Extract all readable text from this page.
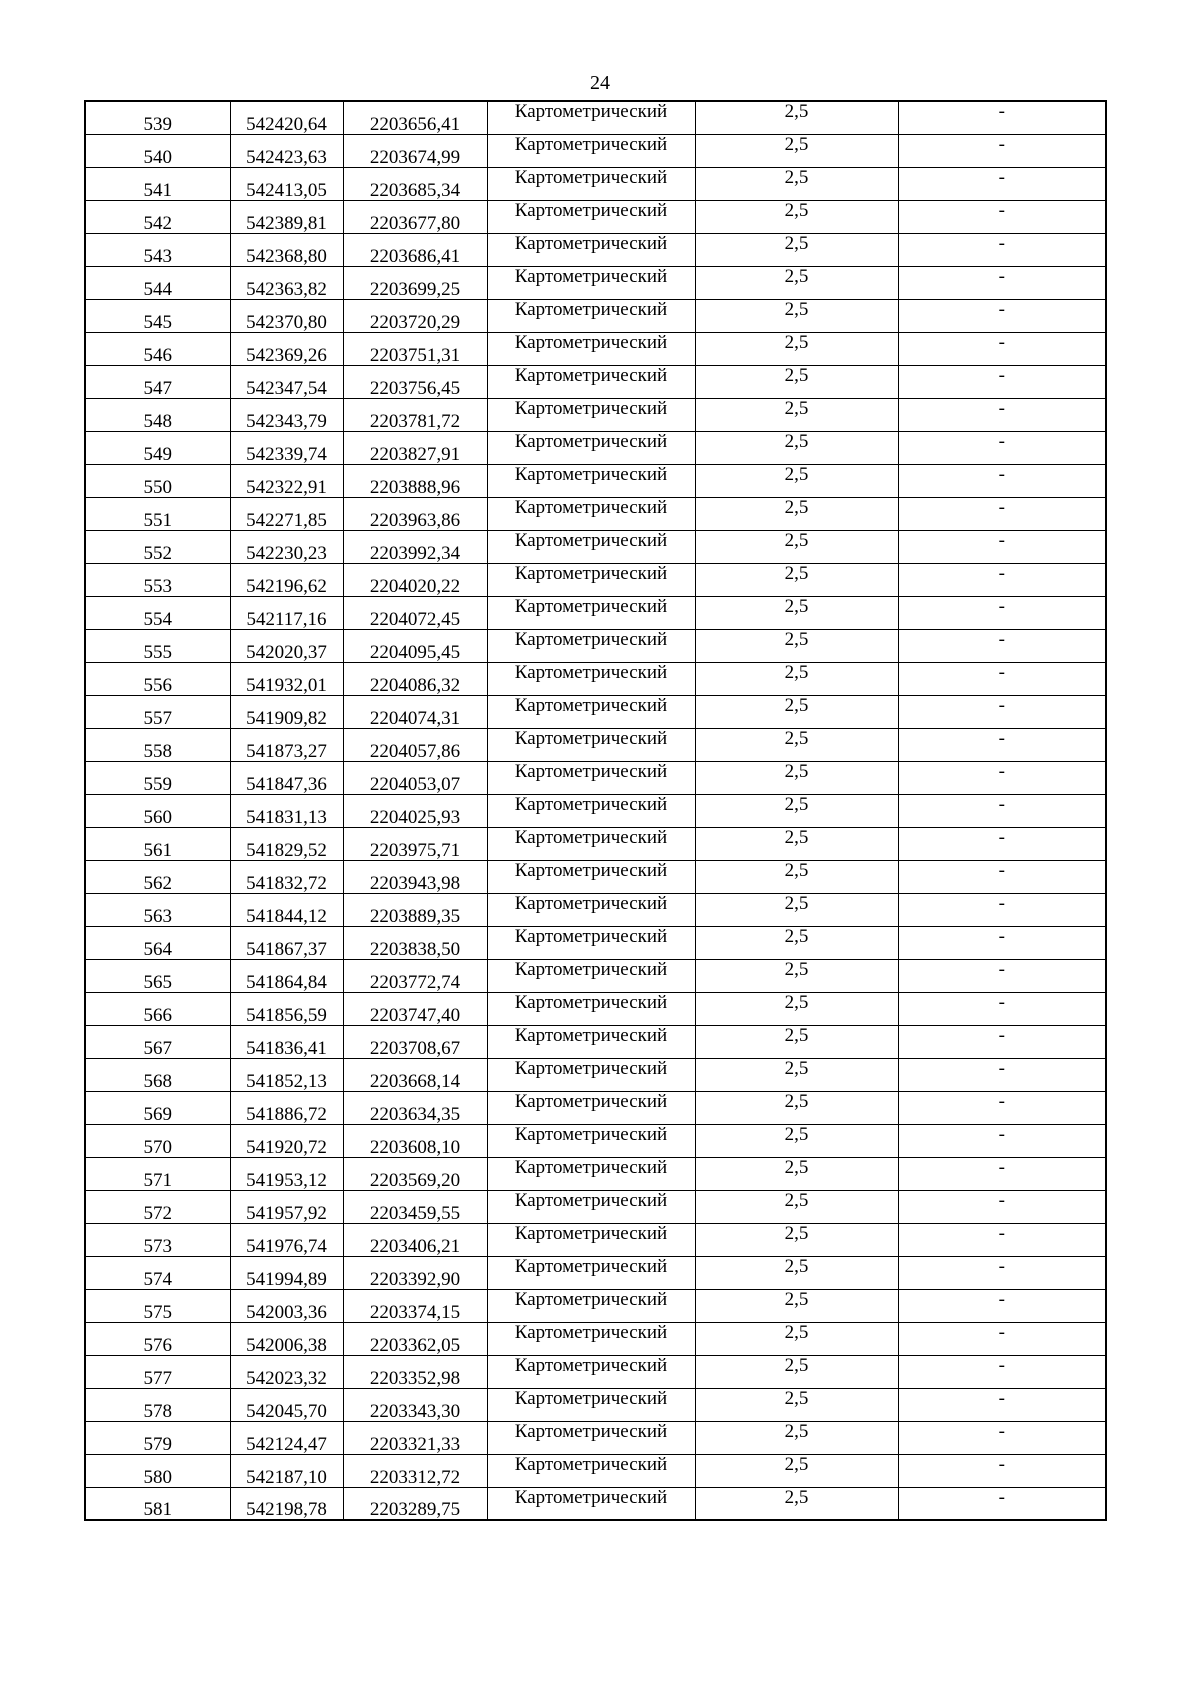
24
539	542420,64	2203656,41	Картометрический	2,5	-
540	542423,63	2203674,99	Картометрический	2,5	-
541	542413,05	2203685,34	Картометрический	2,5	-
542	542389,81	2203677,80	Картометрический	2,5	-
543	542368,80	2203686,41	Картометрический	2,5	-
544	542363,82	2203699,25	Картометрический	2,5	-
545	542370,80	2203720,29	Картометрический	2,5	-
546	542369,26	2203751,31	Картометрический	2,5	-
547	542347,54	2203756,45	Картометрический	2,5	-
548	542343,79	2203781,72	Картометрический	2,5	-
549	542339,74	2203827,91	Картометрический	2,5	-
550	542322,91	2203888,96	Картометрический	2,5	-
551	542271,85	2203963,86	Картометрический	2,5	-
552	542230,23	2203992,34	Картометрический	2,5	-
553	542196,62	2204020,22	Картометрический	2,5	-
554	542117,16	2204072,45	Картометрический	2,5	-
555	542020,37	2204095,45	Картометрический	2,5	-
556	541932,01	2204086,32	Картометрический	2,5	-
557	541909,82	2204074,31	Картометрический	2,5	-
558	541873,27	2204057,86	Картометрический	2,5	-
559	541847,36	2204053,07	Картометрический	2,5	-
560	541831,13	2204025,93	Картометрический	2,5	-
561	541829,52	2203975,71	Картометрический	2,5	-
562	541832,72	2203943,98	Картометрический	2,5	-
563	541844,12	2203889,35	Картометрический	2,5	-
564	541867,37	2203838,50	Картометрический	2,5	-
565	541864,84	2203772,74	Картометрический	2,5	-
566	541856,59	2203747,40	Картометрический	2,5	-
567	541836,41	2203708,67	Картометрический	2,5	-
568	541852,13	2203668,14	Картометрический	2,5	-
569	541886,72	2203634,35	Картометрический	2,5	-
570	541920,72	2203608,10	Картометрический	2,5	-
571	541953,12	2203569,20	Картометрический	2,5	-
572	541957,92	2203459,55	Картометрический	2,5	-
573	541976,74	2203406,21	Картометрический	2,5	-
574	541994,89	2203392,90	Картометрический	2,5	-
575	542003,36	2203374,15	Картометрический	2,5	-
576	542006,38	2203362,05	Картометрический	2,5	-
577	542023,32	2203352,98	Картометрический	2,5	-
578	542045,70	2203343,30	Картометрический	2,5	-
579	542124,47	2203321,33	Картометрический	2,5	-
580	542187,10	2203312,72	Картометрический	2,5	-
581	542198,78	2203289,75	Картометрический	2,5	-
